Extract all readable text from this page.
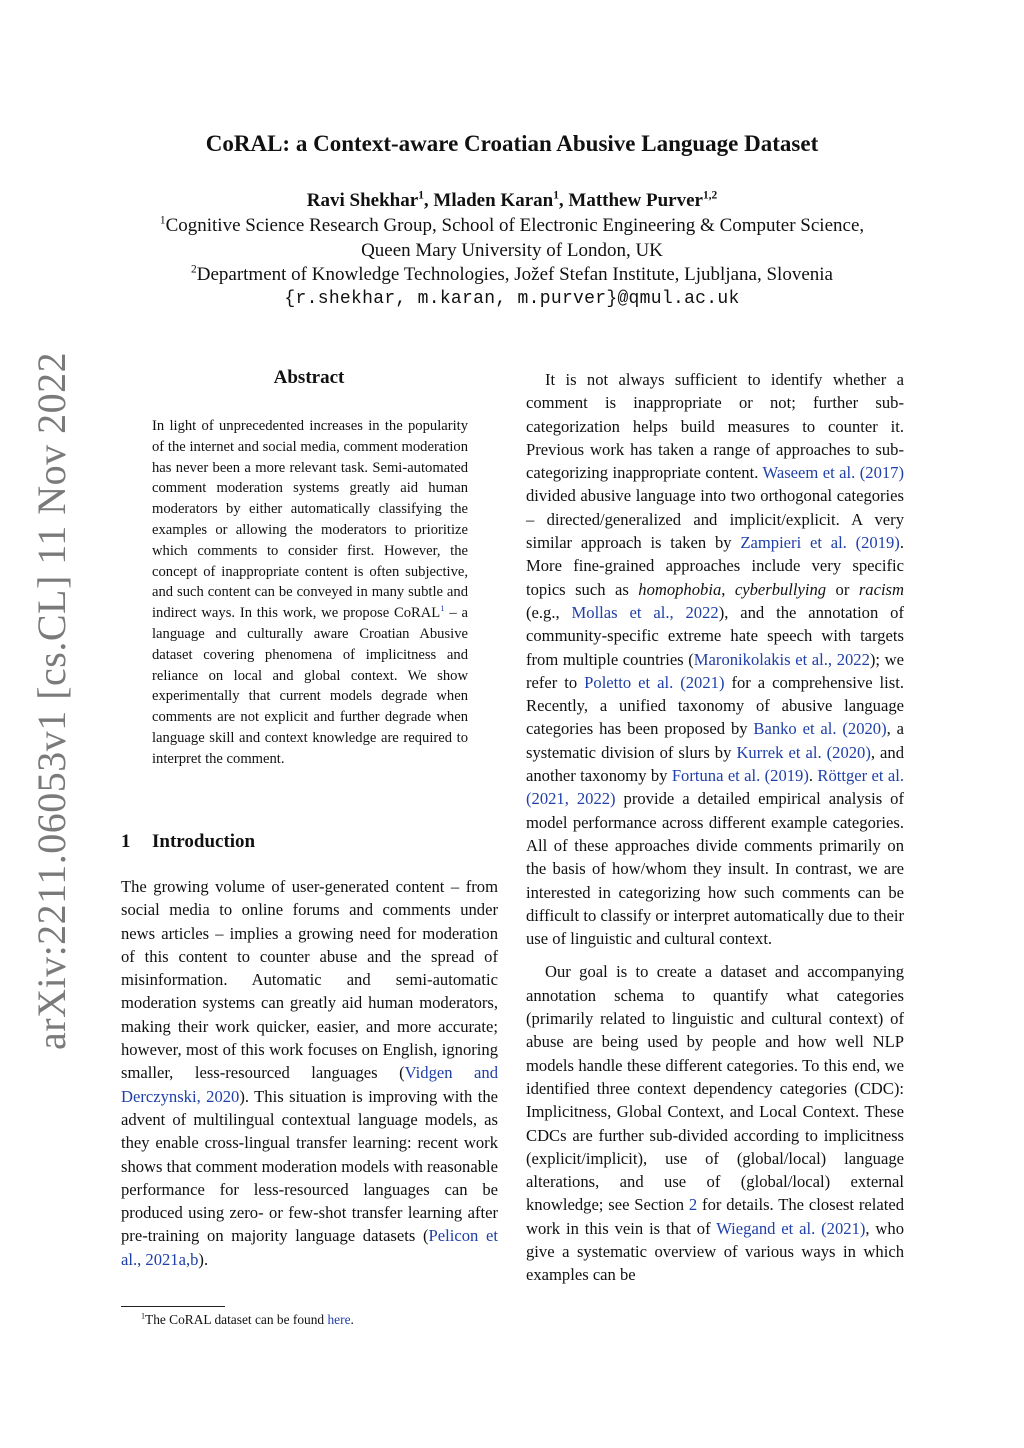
arXiv:2211.06053v1 [cs.CL] 11 Nov 2022
CoRAL: a Context-aware Croatian Abusive Language Dataset
Ravi Shekhar$^1$, Mladen Karan$^1$, Matthew Purver$^{1,2}$
$^1$Cognitive Science Research Group, School of Electronic Engineering & Computer Science,
Queen Mary University of London, UK
$^2$Department of Knowledge Technologies, Jožef Stefan Institute, Ljubljana, Slovenia
{r.shekhar, m.karan, m.purver}@qmul.ac.uk
Abstract
In light of unprecedented increases in the popularity of the internet and social media, comment moderation has never been a more relevant task. Semi-automated comment moderation systems greatly aid human moderators by either automatically classifying the examples or allowing the moderators to prioritize which comments to consider first. However, the concept of inappropriate content is often subjective, and such content can be conveyed in many subtle and indirect ways. In this work, we propose CoRAL$^1$ – a language and culturally aware Croatian Abusive dataset covering phenomena of implicitness and reliance on local and global context. We show experimentally that current models degrade when comments are not explicit and further degrade when language skill and context knowledge are required to interpret the comment.
1 Introduction

The growing volume of user-generated content – from social media to online forums and comments under news articles – implies a growing need for moderation of this content to counter abuse and the spread of misinformation. Automatic and semi-automatic moderation systems can greatly aid human moderators, making their work quicker, easier, and more accurate; however, most of this work focuses on English, ignoring smaller, less-resourced languages (Vidgen and Derczynski, 2020). This situation is improving with the advent of multilingual contextual language models, as they enable cross-lingual transfer learning: recent work shows that comment moderation models with reasonable performance for less-resourced languages can be produced using zero- or few-shot transfer learning after pre-training on majority language datasets (Pelicon et al., 2021a,b).

$^1$The CoRAL dataset can be found here.

It is not always sufficient to identify whether a comment is inappropriate or not; further sub-categorization helps build measures to counter it. Previous work has taken a range of approaches to sub-categorizing inappropriate content. Waseem et al. (2017) divided abusive language into two orthogonal categories – directed/generalized and implicit/explicit. A very similar approach is taken by Zampieri et al. (2019). More fine-grained approaches include very specific topics such as homophobia, cyberbullying or racism (e.g., Mollas et al., 2022), and the annotation of community-specific extreme hate speech with targets from multiple countries (Maronikolakis et al., 2022); we refer to Poletto et al. (2021) for a comprehensive list. Recently, a unified taxonomy of abusive language categories has been proposed by Banko et al. (2020), a systematic division of slurs by Kurrek et al. (2020), and another taxonomy by Fortuna et al. (2019). Röttger et al. (2021, 2022) provide a detailed empirical analysis of model performance across different example categories. All of these approaches divide comments primarily on the basis of how/whom they insult. In contrast, we are interested in categorizing how such comments can be difficult to classify or interpret automatically due to their use of linguistic and cultural context.

Our goal is to create a dataset and accompanying annotation schema to quantify what categories (primarily related to linguistic and cultural context) of abuse are being used by people and how well NLP models handle these different categories. To this end, we identified three context dependency categories (CDC): Implicitness, Global Context, and Local Context. These CDCs are further sub-divided according to implicitness (explicit/implicit), use of (global/local) language alterations, and use of (global/local) external knowledge; see Section 2 for details. The closest related work in this vein is that of Wiegand et al. (2021), who give a systematic overview of various ways in which examples can be
